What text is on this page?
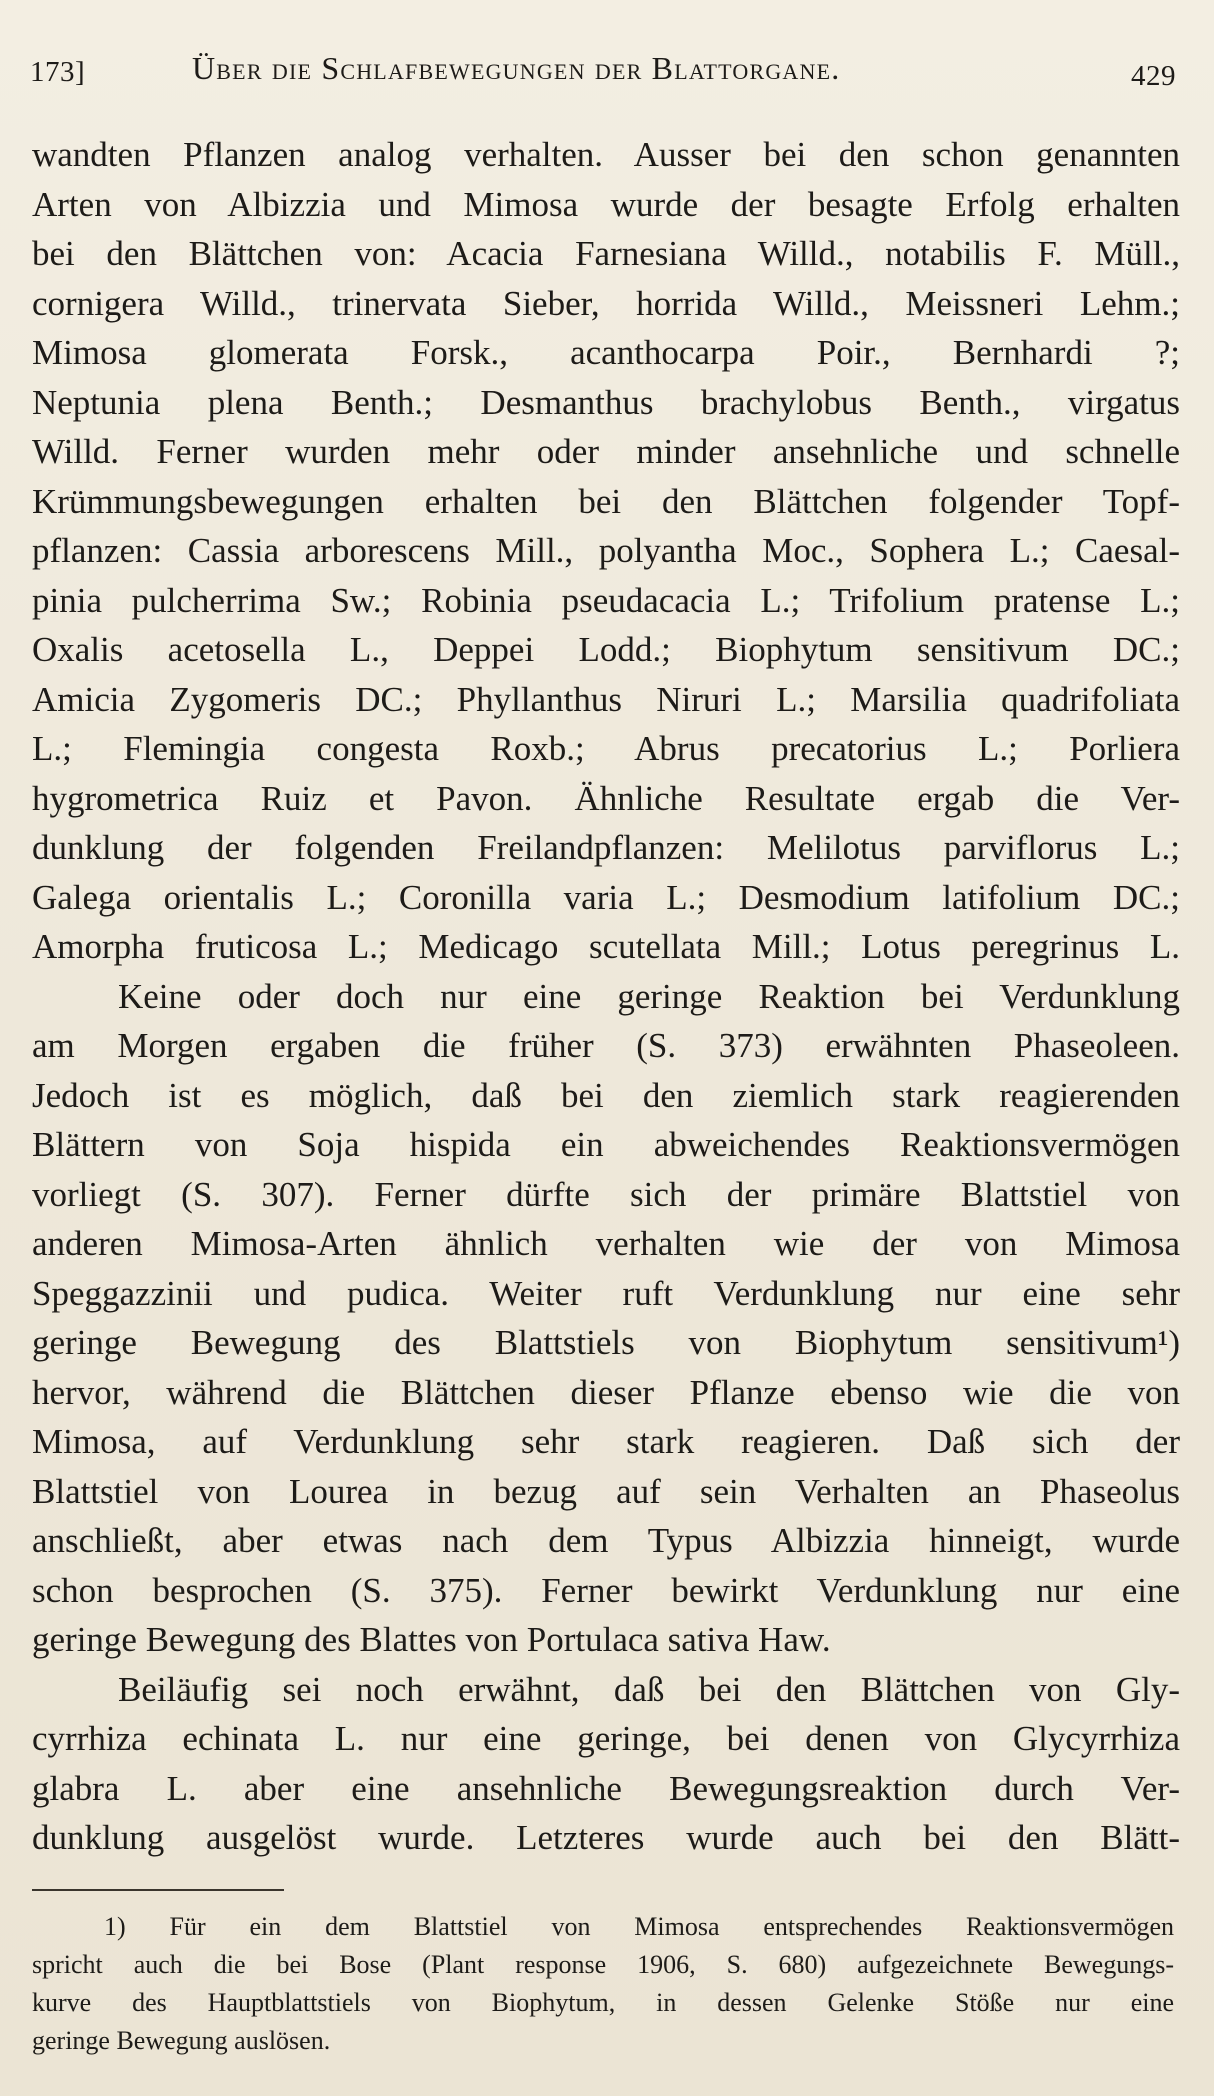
173]	Über die Schlafbewegungen der Blattorgane.	429
wandten Pflanzen analog verhalten. Ausser bei den schon genannten
Arten von Albizzia und Mimosa wurde der besagte Erfolg erhalten
bei den Blättchen von: Acacia Farnesiana Willd., notabilis F. Müll.,
cornigera Willd., trinervata Sieber, horrida Willd., Meissneri Lehm.;
Mimosa glomerata Forsk., acanthocarpa Poir., Bernhardi ?;
Neptunia plena Benth.; Desmanthus brachylobus Benth., virgatus
Willd. Ferner wurden mehr oder minder ansehnliche und schnelle
Krümmungsbewegungen erhalten bei den Blättchen folgender Topf-
pflanzen: Cassia arborescens Mill., polyantha Moc., Sophera L.; Caesal-
pinia pulcherrima Sw.; Robinia pseudacacia L.; Trifolium pratense L.;
Oxalis acetosella L., Deppei Lodd.; Biophytum sensitivum DC.;
Amicia Zygomeris DC.; Phyllanthus Niruri L.; Marsilia quadrifoliata
L.; Flemingia congesta Roxb.; Abrus precatorius L.; Porliera
hygrometrica Ruiz et Pavon. Ähnliche Resultate ergab die Ver-
dunklung der folgenden Freilandpflanzen: Melilotus parviflorus L.;
Galega orientalis L.; Coronilla varia L.; Desmodium latifolium DC.;
Amorpha fruticosa L.; Medicago scutellata Mill.; Lotus peregrinus L.
Keine oder doch nur eine geringe Reaktion bei Verdunklung
am Morgen ergaben die früher (S. 373) erwähnten Phaseoleen.
Jedoch ist es möglich, daß bei den ziemlich stark reagierenden
Blättern von Soja hispida ein abweichendes Reaktionsvermögen
vorliegt (S. 307). Ferner dürfte sich der primäre Blattstiel von
anderen Mimosa-Arten ähnlich verhalten wie der von Mimosa
Speggazzinii und pudica. Weiter ruft Verdunklung nur eine sehr
geringe Bewegung des Blattstiels von Biophytum sensitivum¹)
hervor, während die Blättchen dieser Pflanze ebenso wie die von
Mimosa, auf Verdunklung sehr stark reagieren. Daß sich der
Blattstiel von Lourea in bezug auf sein Verhalten an Phaseolus
anschließt, aber etwas nach dem Typus Albizzia hinneigt, wurde
schon besprochen (S. 375). Ferner bewirkt Verdunklung nur eine
geringe Bewegung des Blattes von Portulaca sativa Haw.
Beiläufig sei noch erwähnt, daß bei den Blättchen von Gly-
cyrrhiza echinata L. nur eine geringe, bei denen von Glycyrrhiza
glabra L. aber eine ansehnliche Bewegungsreaktion durch Ver-
dunklung ausgelöst wurde. Letzteres wurde auch bei den Blätt-
1) Für ein dem Blattstiel von Mimosa entsprechendes Reaktionsvermögen
spricht auch die bei Bose (Plant response 1906, S. 680) aufgezeichnete Bewegungs-
kurve des Hauptblattstiels von Biophytum, in dessen Gelenke Stöße nur eine
geringe Bewegung auslösen.
